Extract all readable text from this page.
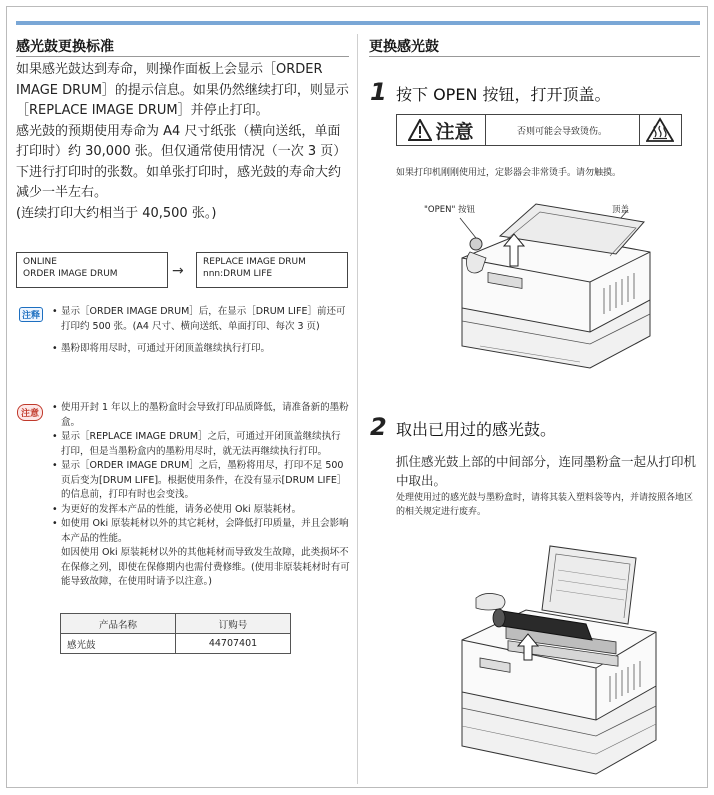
感光鼓更换标准

如果感光鼓达到寿命，则操作面板上会显示［ORDER IMAGE DRUM］的提示信息。如果仍然继续打印，则显示［REPLACE IMAGE DRUM］并停止打印。

感光鼓的预期使用寿命为 A4 尺寸纸张（横向送纸，单面打印时）约 30,000 张。但仅通常使用情况（一次 3 页）下进行打印时的张数。如单张打印时，感光鼓的寿命大约减少一半左右。

(连续打印大约相当于 40,500 张。)

ONLINE
ORDER IMAGE DRUM	→
REPLACE IMAGE DRUM
nnn:DRUM LIFE
注释	• 显示［ORDER IMAGE DRUM］后，在显示［DRUM LIFE］前还可打印约 500 张。(A4 尺寸、横向送纸、单面打印、每次 3 页)
• 墨粉即将用尽时，可通过开闭顶盖继续执行打印。
注意
• 使用开封 1 年以上的墨粉盒时会导致打印品质降低，请准备新的墨粉盒。
• 显示［REPLACE IMAGE DRUM］之后，可通过开闭顶盖继续执行打印，但是当墨粉盒内的墨粉用尽时，就无法再继续执行打印。
• 显示［ORDER IMAGE DRUM］之后，墨粉将用尽，打印不足 500页后变为[DRUM LIFE]。根据使用条件，在没有显示[DRUM LIFE］的信息前，打印有时也会变浅。
• 为更好的发挥本产品的性能，请务必使用 Oki 原装耗材。
• 如使用 Oki 原装耗材以外的其它耗材，会降低打印质量，并且会影响本产品的性能。
如因使用 Oki 原装耗材以外的其他耗材而导致发生故障，此类损坏不在保修之列，即使在保修期内也需付费修维。(使用非原装耗材时有可能导致故障，在使用时请予以注意。)
产品名称	订购号
感光鼓	44707401
更换感光鼓
1 按下 OPEN 按钮，打开顶盖。
注意	否则可能会导致烫伤。
如果打印机刚刚使用过，定影器会非常烫手。请勿触摸。
"OPEN" 按钮	顶盖
2 取出已用过的感光鼓。
抓住感光鼓上部的中间部分，连同墨粉盒一起从打印机中取出。
处理使用过的感光鼓与墨粉盒时，请将其装入塑料袋等内，并请按照各地区的相关规定进行废弃。
